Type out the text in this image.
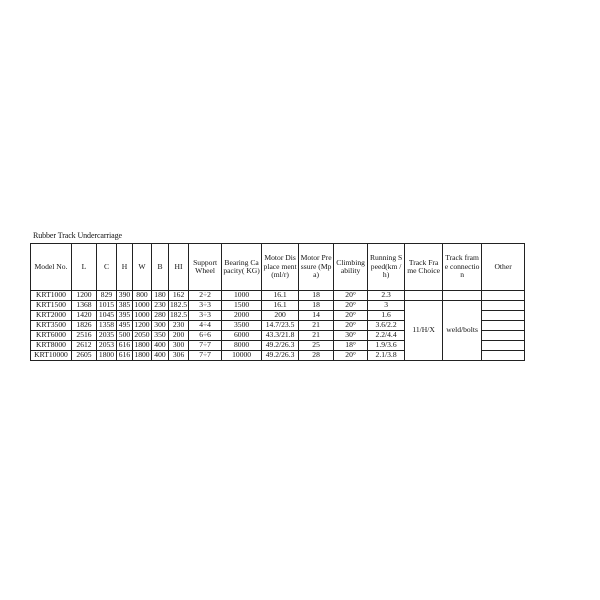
Rubber Track Undercarriage
Model No.	L	C	H	W	B	HI	Support Wheel	Bearing Capacity( KG)	Motor Displace ment (ml/r)	Motor Pressure (Mpa)	Climbing ability	Running Speed(km /h)	Track Frame Choice	Track frame connectio n	Other
KRT1000	1200	829	390	800	180	162	2÷2	1000	16.1	18	20°	2.3			
KRT1500	1368	1015	385	1000	230	182.5	3÷3	1500	16.1	18	20°	3	11/H/X	weld/bolts	
KRT2000	1420	1045	395	1000	280	182.5	3÷3	2000	200	14	20°	1.6			
KRT3500	1826	1358	495	1200	300	230	4÷4	3500	14.7/23.5	21	20°	3.6/2.2			
KRT6000	2516	2035	500	2050	350	200	6÷6	6000	43.3/21.8	21	30°	2.2/4.4			
KRT8000	2612	2053	616	1800	400	300	7÷7	8000	49.2/26.3	25	18°	1.9/3.6			
KRT10000	2605	1800	616	1800	400	306	7÷7	10000	49.2/26.3	28	20°	2.1/3.8			
